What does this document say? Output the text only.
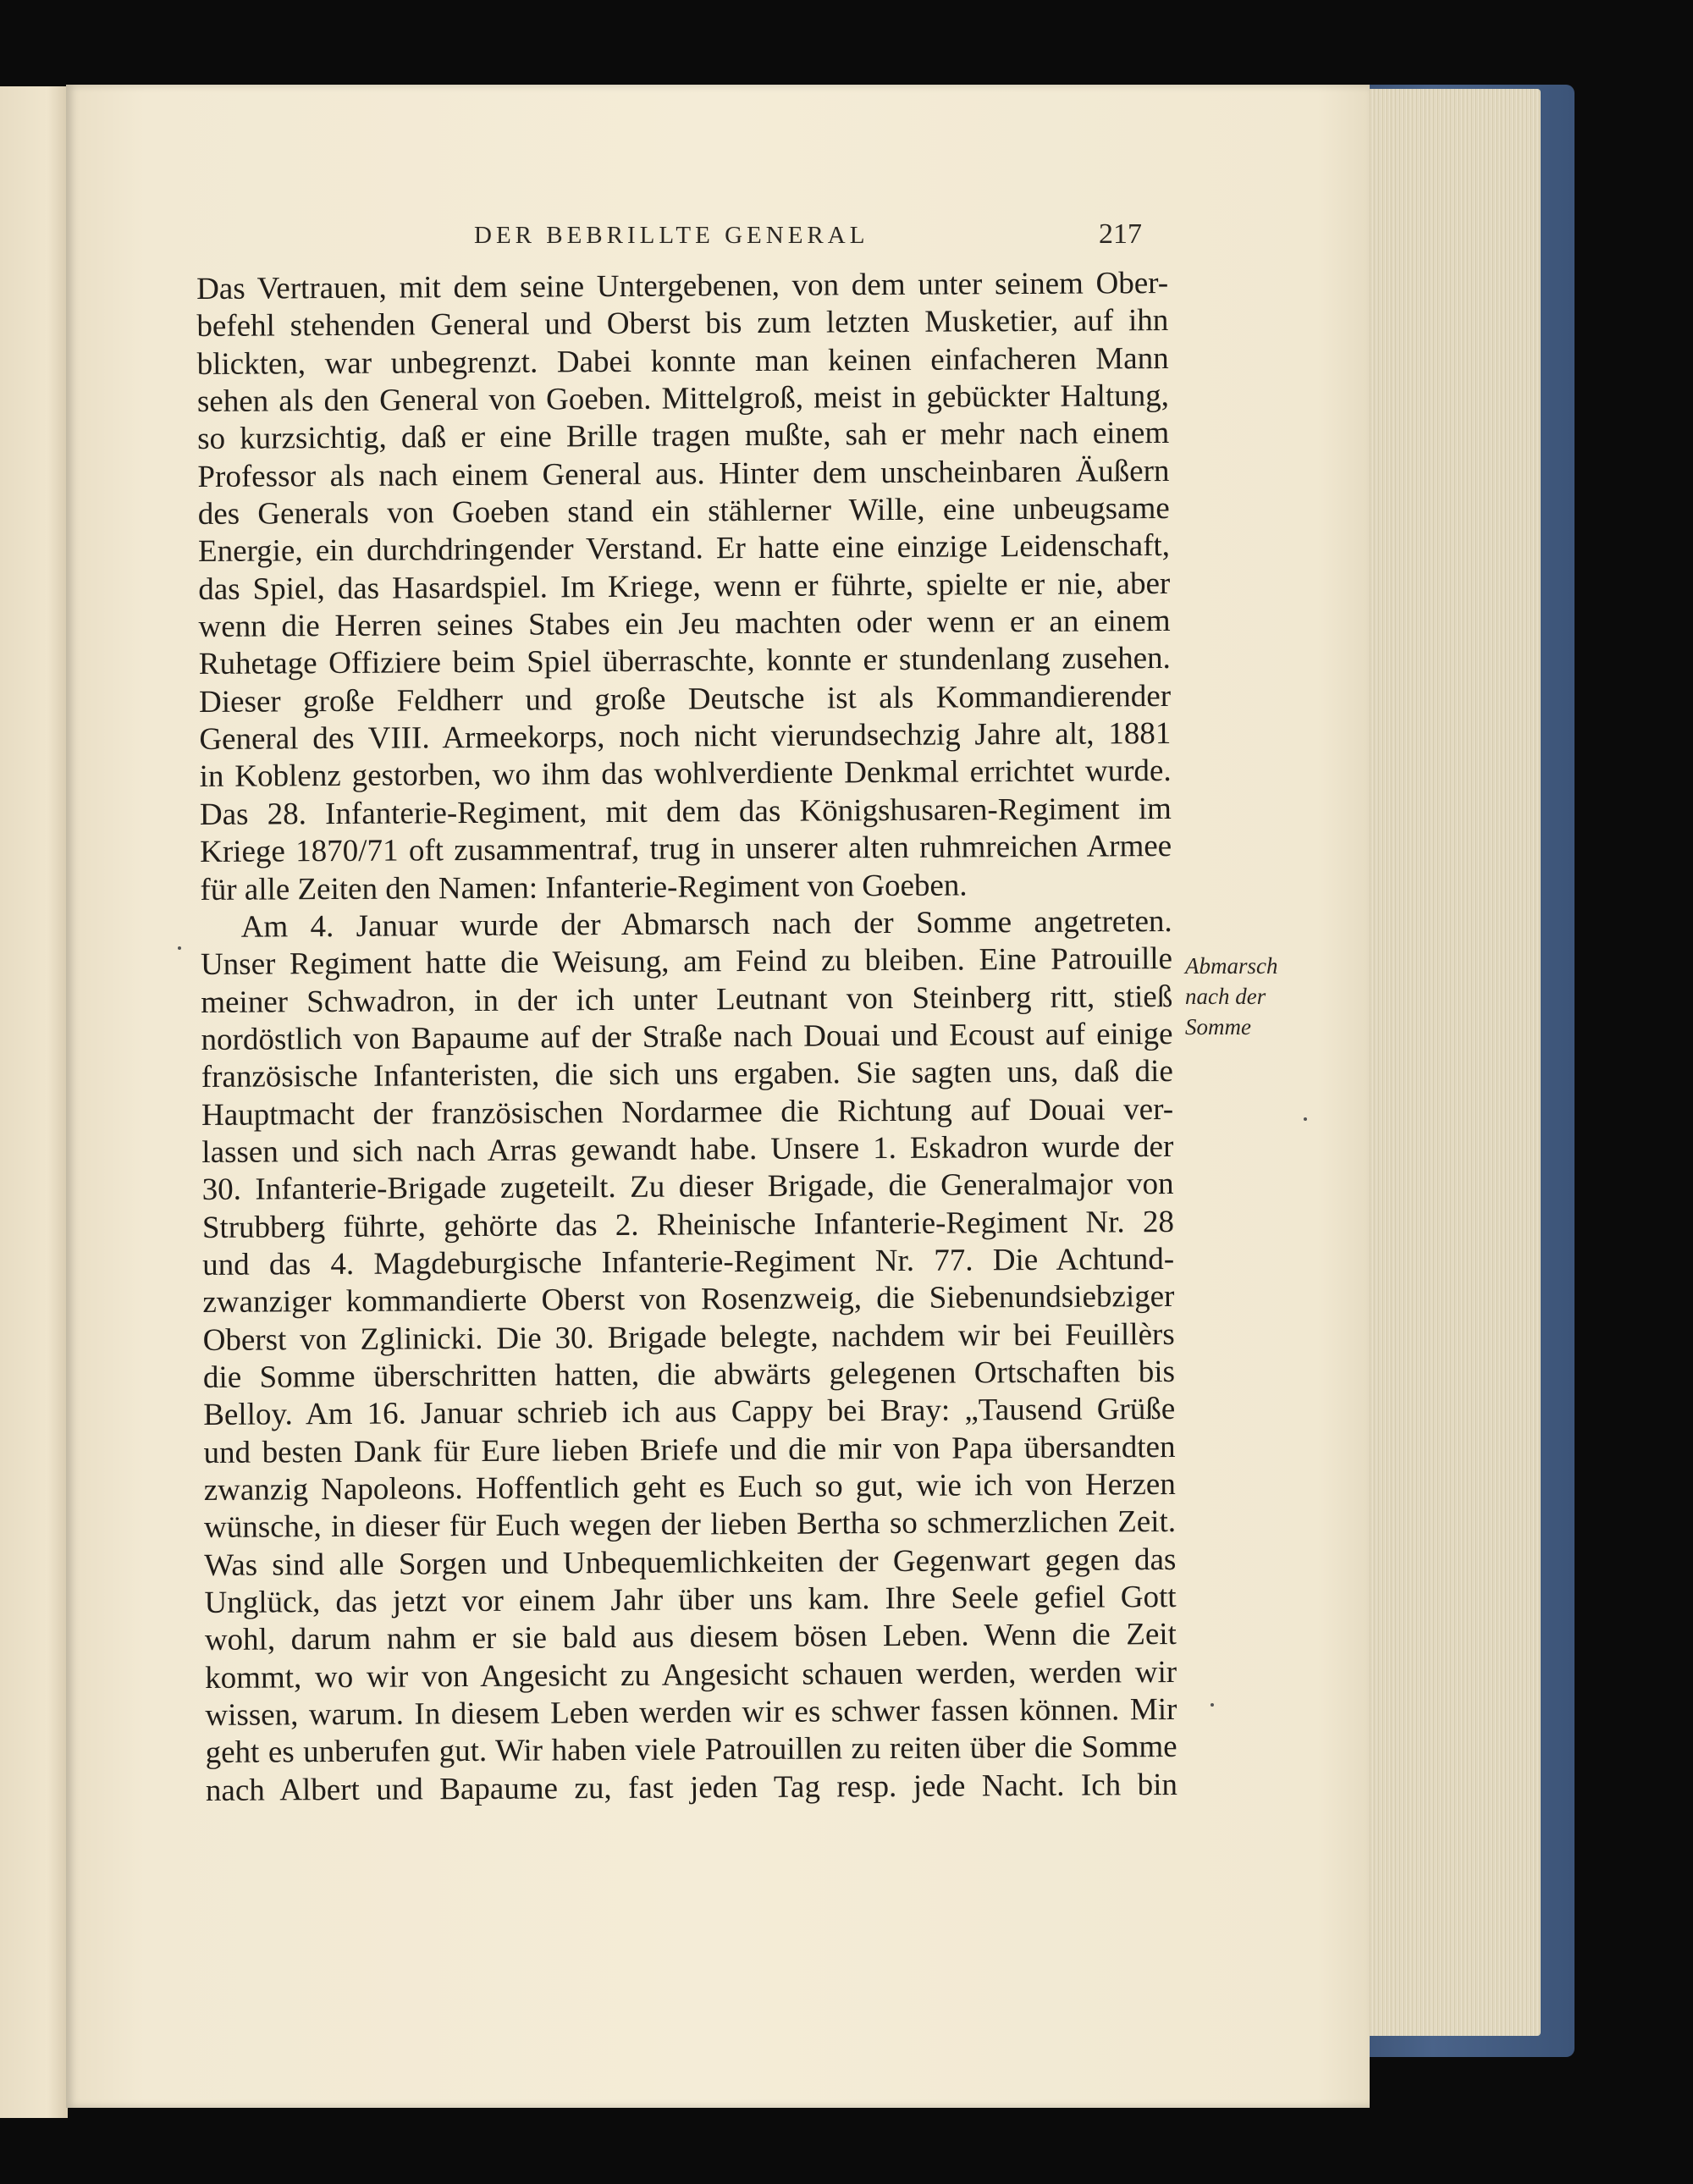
DER BEBRILLTE GENERAL	217
Das Vertrauen, mit dem seine Untergebenen, von dem unter seinem Ober-
befehl stehenden General und Oberst bis zum letzten Musketier, auf ihn
blickten, war unbegrenzt. Dabei konnte man keinen einfacheren Mann
sehen als den General von Goeben. Mittelgroß, meist in gebückter Haltung,
so kurzsichtig, daß er eine Brille tragen mußte, sah er mehr nach einem
Professor als nach einem General aus. Hinter dem unscheinbaren Äußern
des Generals von Goeben stand ein stählerner Wille, eine unbeugsame
Energie, ein durchdringender Verstand. Er hatte eine einzige Leidenschaft,
das Spiel, das Hasardspiel. Im Kriege, wenn er führte, spielte er nie, aber
wenn die Herren seines Stabes ein Jeu machten oder wenn er an einem
Ruhetage Offiziere beim Spiel überraschte, konnte er stundenlang zusehen.
Dieser große Feldherr und große Deutsche ist als Kommandierender
General des VIII. Armeekorps, noch nicht vierundsechzig Jahre alt, 1881
in Koblenz gestorben, wo ihm das wohlverdiente Denkmal errichtet wurde.
Das 28. Infanterie-Regiment, mit dem das Königshusaren-Regiment im
Kriege 1870/71 oft zusammentraf, trug in unserer alten ruhmreichen Armee
für alle Zeiten den Namen: Infanterie-Regiment von Goeben.
Am 4. Januar wurde der Abmarsch nach der Somme angetreten.
Unser Regiment hatte die Weisung, am Feind zu bleiben. Eine Patrouille
meiner Schwadron, in der ich unter Leutnant von Steinberg ritt, stieß
nordöstlich von Bapaume auf der Straße nach Douai und Ecoust auf einige
französische Infanteristen, die sich uns ergaben. Sie sagten uns, daß die
Hauptmacht der französischen Nordarmee die Richtung auf Douai ver-
lassen und sich nach Arras gewandt habe. Unsere 1. Eskadron wurde der
30. Infanterie-Brigade zugeteilt. Zu dieser Brigade, die Generalmajor von
Strubberg führte, gehörte das 2. Rheinische Infanterie-Regiment Nr. 28
und das 4. Magdeburgische Infanterie-Regiment Nr. 77. Die Achtund-
zwanziger kommandierte Oberst von Rosenzweig, die Siebenundsiebziger
Oberst von Zglinicki. Die 30. Brigade belegte, nachdem wir bei Feuillèrs
die Somme überschritten hatten, die abwärts gelegenen Ortschaften bis
Belloy. Am 16. Januar schrieb ich aus Cappy bei Bray: „Tausend Grüße
und besten Dank für Eure lieben Briefe und die mir von Papa übersandten
zwanzig Napoleons. Hoffentlich geht es Euch so gut, wie ich von Herzen
wünsche, in dieser für Euch wegen der lieben Bertha so schmerzlichen Zeit.
Was sind alle Sorgen und Unbequemlichkeiten der Gegenwart gegen das
Unglück, das jetzt vor einem Jahr über uns kam. Ihre Seele gefiel Gott
wohl, darum nahm er sie bald aus diesem bösen Leben. Wenn die Zeit
kommt, wo wir von Angesicht zu Angesicht schauen werden, werden wir
wissen, warum. In diesem Leben werden wir es schwer fassen können. Mir
geht es unberufen gut. Wir haben viele Patrouillen zu reiten über die Somme
nach Albert und Bapaume zu, fast jeden Tag resp. jede Nacht. Ich bin
Abmarsch
nach der
Somme
